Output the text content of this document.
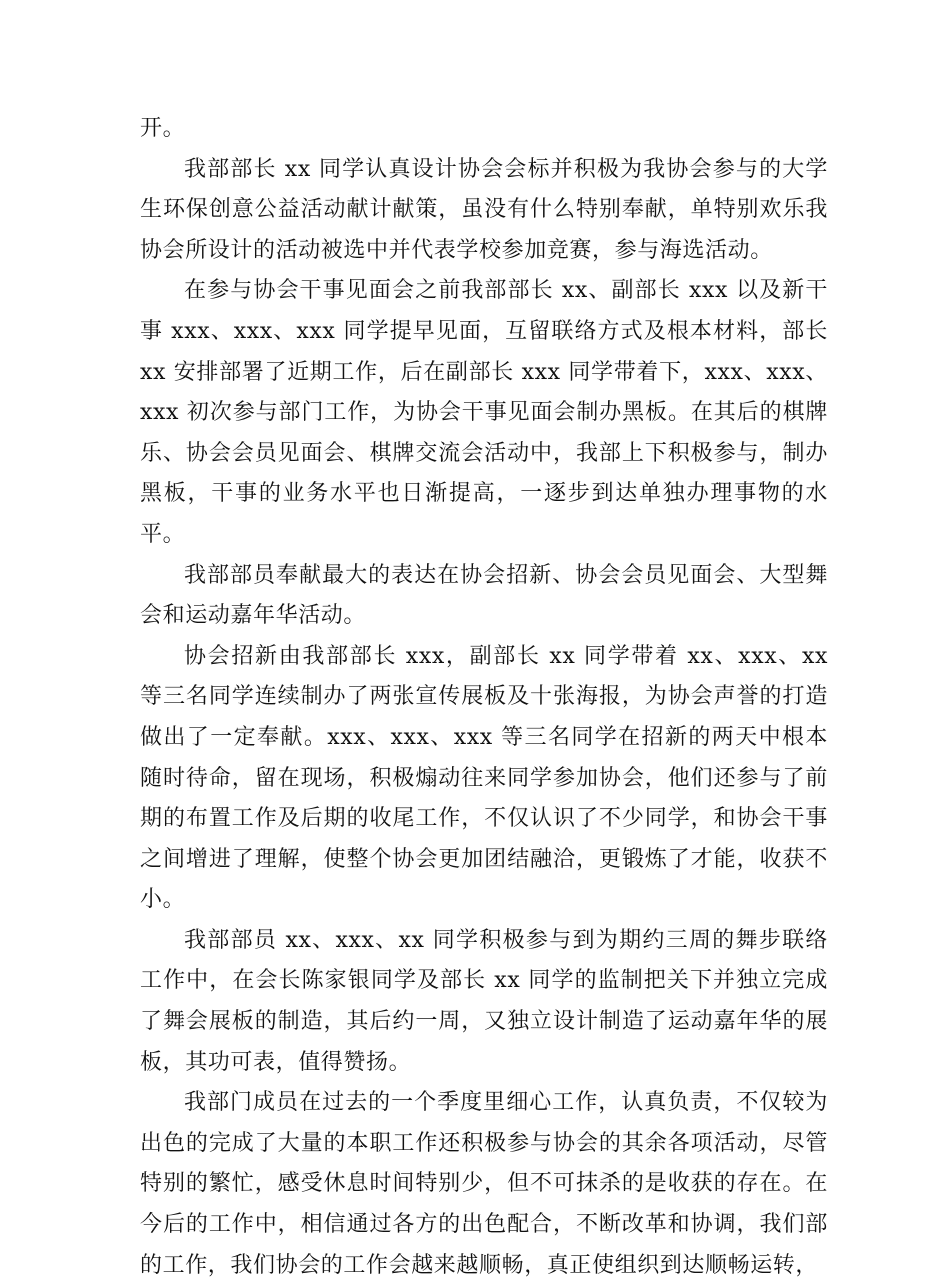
开。

我部部长 xx 同学认真设计协会会标并积极为我协会参与的大学生环保创意公益活动献计献策，虽没有什么特别奉献，单特别欢乐我协会所设计的活动被选中并代表学校参加竞赛，参与海选活动。

在参与协会干事见面会之前我部部长 xx、副部长 xxx 以及新干事 xxx、xxx、xxx 同学提早见面，互留联络方式及根本材料，部长 xx 安排部署了近期工作，后在副部长 xxx 同学带着下，xxx、xxx、xxx 初次参与部门工作，为协会干事见面会制办黑板。在其后的棋牌乐、协会会员见面会、棋牌交流会活动中，我部上下积极参与，制办黑板，干事的业务水平也日渐提高，一逐步到达单独办理事物的水平。

我部部员奉献最大的表达在协会招新、协会会员见面会、大型舞会和运动嘉年华活动。

协会招新由我部部长 xxx，副部长 xx 同学带着 xx、xxx、xx 等三名同学连续制办了两张宣传展板及十张海报，为协会声誉的打造做出了一定奉献。xxx、xxx、xxx 等三名同学在招新的两天中根本随时待命，留在现场，积极煽动往来同学参加协会，他们还参与了前期的布置工作及后期的收尾工作，不仅认识了不少同学，和协会干事之间增进了理解，使整个协会更加团结融洽，更锻炼了才能，收获不小。

我部部员 xx、xxx、xx 同学积极参与到为期约三周的舞步联络工作中，在会长陈家银同学及部长 xx 同学的监制把关下并独立完成了舞会展板的制造，其后约一周，又独立设计制造了运动嘉年华的展板，其功可表，值得赞扬。

我部门成员在过去的一个季度里细心工作，认真负责，不仅较为出色的完成了大量的本职工作还积极参与协会的其余各项活动，尽管特别的繁忙，感受休息时间特别少，但不可抹杀的是收获的存在。在今后的工作中，相信通过各方的出色配合，不断改革和协调，我们部的工作，我们协会的工作会越来越顺畅，真正使组织到达顺畅运转，
